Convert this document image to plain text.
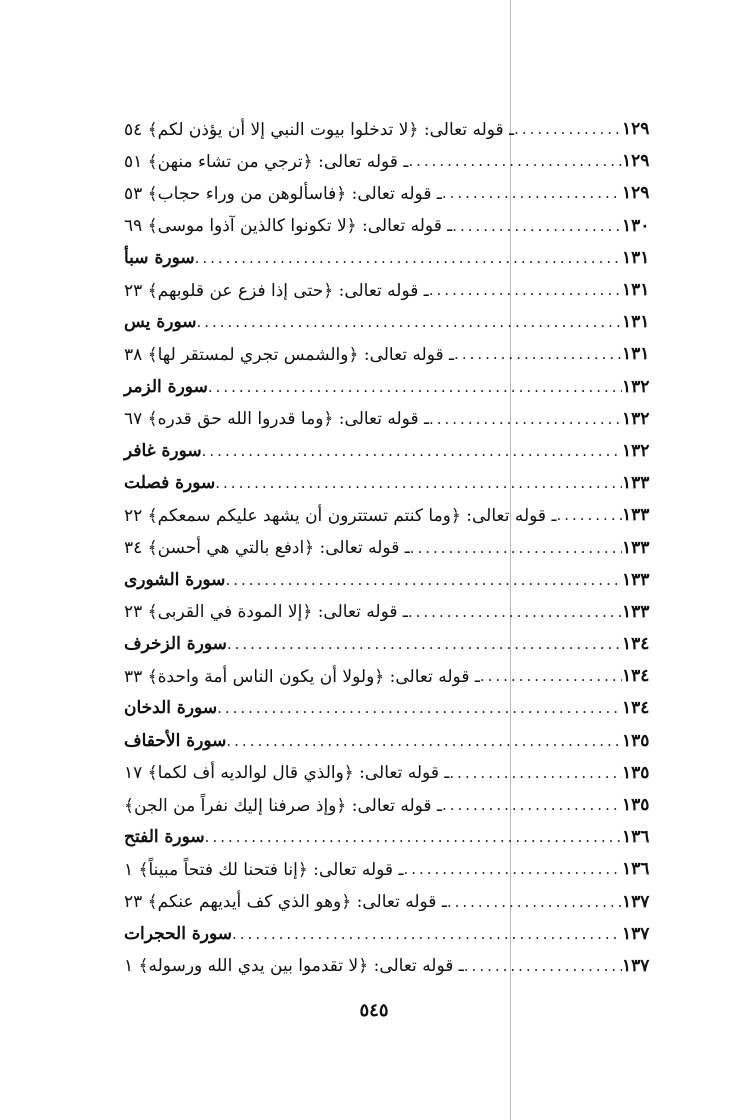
ـ قوله تعالى: ﴿لا تدخلوا بيوت النبي إلا أن يؤذن لكم﴾ ٥٤ .....	١٢٩
ـ قوله تعالى: ﴿ترجي من تشاء منهن﴾ ٥١ .....	١٢٩
ـ قوله تعالى: ﴿فاسألوهن من وراء حجاب﴾ ٥٣ .....	١٢٩
ـ قوله تعالى: ﴿لا تكونوا كالذين آذوا موسى﴾ ٦٩ .....	١٣٠
سورة سبأ .....	١٣١
ـ قوله تعالى: ﴿حتى إذا فزع عن قلوبهم﴾ ٢٣ .....	١٣١
سورة يس .....	١٣١
ـ قوله تعالى: ﴿والشمس تجري لمستقر لها﴾ ٣٨ .....	١٣١
سورة الزمر .....	١٣٢
ـ قوله تعالى: ﴿وما قدروا الله حق قدره﴾ ٦٧ .....	١٣٢
سورة غافر .....	١٣٢
سورة فصلت .....	١٣٣
ـ قوله تعالى: ﴿وما كنتم تستترون أن يشهد عليكم سمعكم﴾ ٢٢ .....	١٣٣
ـ قوله تعالى: ﴿ادفع بالتي هي أحسن﴾ ٣٤ .....	١٣٣
سورة الشورى .....	١٣٣
ـ قوله تعالى: ﴿إلا المودة في القربى﴾ ٢٣ .....	١٣٣
سورة الزخرف .....	١٣٤
ـ قوله تعالى: ﴿ولولا أن يكون الناس أمة واحدة﴾ ٣٣ .....	١٣٤
سورة الدخان .....	١٣٤
سورة الأحقاف .....	١٣٥
ـ قوله تعالى: ﴿والذي قال لوالديه أف لكما﴾ ١٧ .....	١٣٥
ـ قوله تعالى: ﴿وإذ صرفنا إليك نفراً من الجن﴾ .....	١٣٥
سورة الفتح .....	١٣٦
ـ قوله تعالى: ﴿إنا فتحنا لك فتحاً مبيناً﴾ ١ .....	١٣٦
ـ قوله تعالى: ﴿وهو الذي كف أيديهم عنكم﴾ ٢٣ .....	١٣٧
سورة الحجرات .....	١٣٧
ـ قوله تعالى: ﴿لا تقدموا بين يدي الله ورسوله﴾ ١ .....	١٣٧
٥٤٥
